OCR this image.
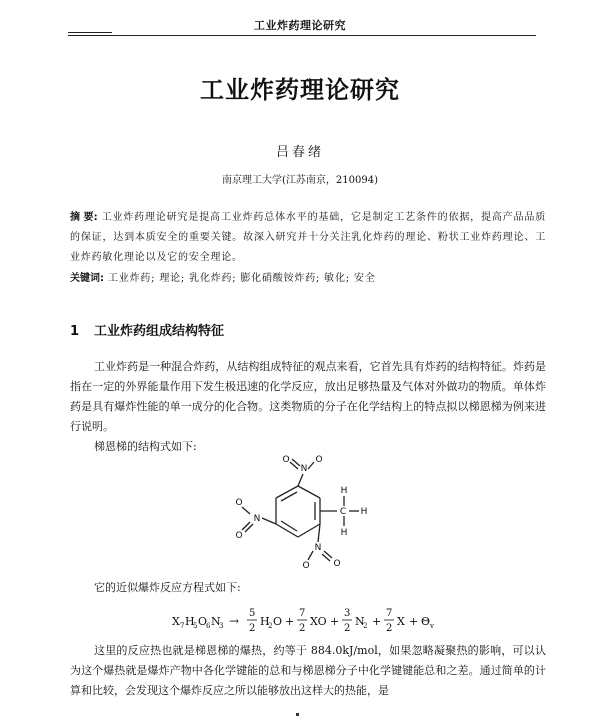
工业炸药理论研究
工业炸药理论研究
吕春绪
南京理工大学(江苏南京，210094)
摘 要: 工业炸药理论研究是提高工业炸药总体水平的基础，它是制定工艺条件的依据，提高产品品质的保证，达到本质安全的重要关键。故深入研究并十分关注乳化炸药的理论、粉状工业炸药理论、工业炸药敏化理论以及它的安全理论。
关键词: 工业炸药; 理论; 乳化炸药; 膨化硝酸铵炸药; 敏化; 安全
1 工业炸药组成结构特征
工业炸药是一种混合炸药，从结构组成特征的观点来看，它首先具有炸药的结构特征。炸药是指在一定的外界能量作用下发生极迅速的化学反应，放出足够热量及气体对外做功的物质。单体炸药是具有爆炸性能的单一成分的化合物。这类物质的分子在化学结构上的特点拟以梯恩梯为例来进行说明。
梯恩梯的结构式如下:
O
N
O
O
N
O
N
O	O
C
H
H
H
它的近似爆炸反应方程式如下:
X 7 H
5 O
6 N
3 →
5
2
H
2 O +
7
2
XO +
3
2
N
2 +
7
2
X + Θ v
这里的反应热也就是梯恩梯的爆热，约等于 884.0kJ/mol，如果忽略凝聚热的影响，可以认为这个爆热就是爆炸产物中各化学键能的总和与梯恩梯分子中化学键键能总和之差。通过简单的计算和比较，会发现这个爆炸反应之所以能够放出这样大的热能，是
